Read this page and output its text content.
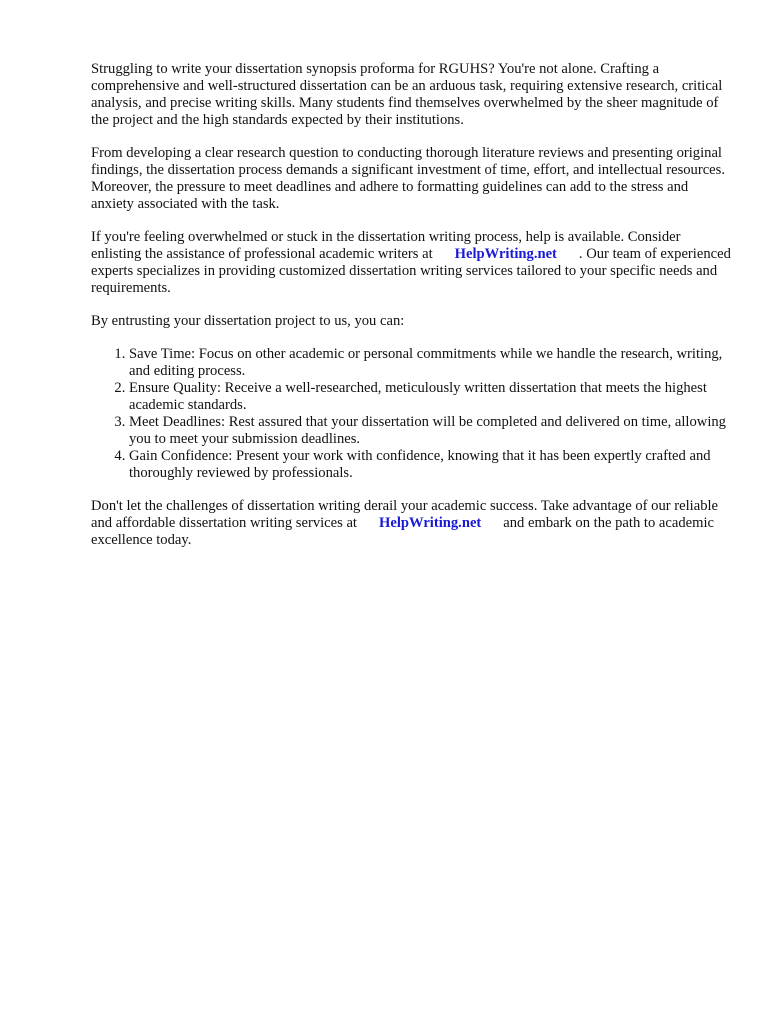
Struggling to write your dissertation synopsis proforma for RGUHS? You're not alone. Crafting a comprehensive and well-structured dissertation can be an arduous task, requiring extensive research, critical analysis, and precise writing skills. Many students find themselves overwhelmed by the sheer magnitude of the project and the high standards expected by their institutions.

From developing a clear research question to conducting thorough literature reviews and presenting original findings, the dissertation process demands a significant investment of time, effort, and intellectual resources. Moreover, the pressure to meet deadlines and adhere to formatting guidelines can add to the stress and anxiety associated with the task.

If you're feeling overwhelmed or stuck in the dissertation writing process, help is available. Consider enlisting the assistance of professional academic writers at HelpWriting.net . Our team of experienced experts specializes in providing customized dissertation writing services tailored to your specific needs and requirements.

By entrusting your dissertation project to us, you can:

1. Save Time: Focus on other academic or personal commitments while we handle the research, writing, and editing process.
2. Ensure Quality: Receive a well-researched, meticulously written dissertation that meets the highest academic standards.
3. Meet Deadlines: Rest assured that your dissertation will be completed and delivered on time, allowing you to meet your submission deadlines.
4. Gain Confidence: Present your work with confidence, knowing that it has been expertly crafted and thoroughly reviewed by professionals.

Don't let the challenges of dissertation writing derail your academic success. Take advantage of our reliable and affordable dissertation writing services at HelpWriting.net and embark on the path to academic excellence today.
